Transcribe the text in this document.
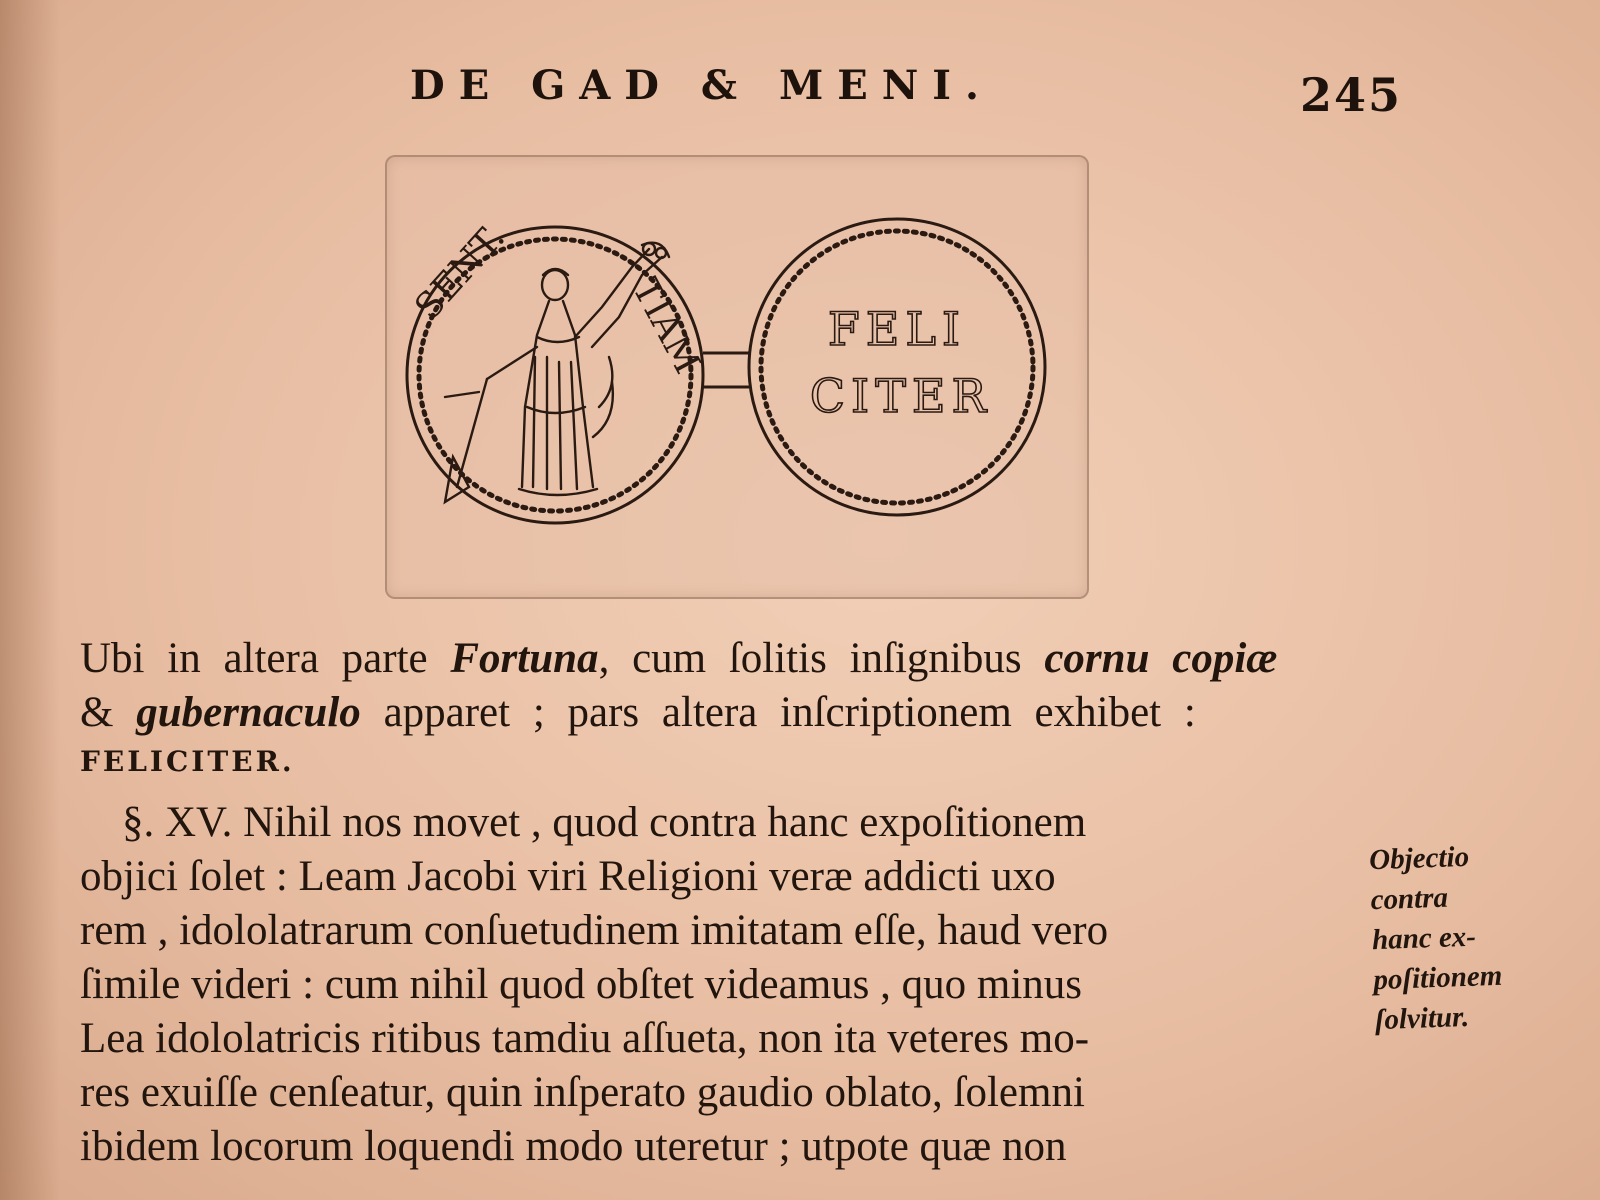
DE GAD & MENI.	245
SENT.	TIAM	FELI
CITER
Ubi in altera parte Fortuna, cum ſolitis inſignibus cornu copiæ
& gubernaculo apparet ; pars altera inſcriptionem exhibet :
FELICITER.
§. XV. Nihil nos movet , quod contra hanc expoſitionem
objici ſolet : Leam Jacobi viri Religioni veræ addicti uxo
rem , idololatrarum conſuetudinem imitatam eſſe, haud vero
ſimile videri : cum nihil quod obſtet videamus , quo minus
Lea idololatricis ritibus tamdiu aſſueta, non ita veteres mo-
res exuiſſe cenſeatur, quin inſperato gaudio oblato, ſolemni
ibidem locorum loquendi modo uteretur ; utpote quæ non
Objectio
contra
hanc ex-
poſitionem
ſolvitur.
